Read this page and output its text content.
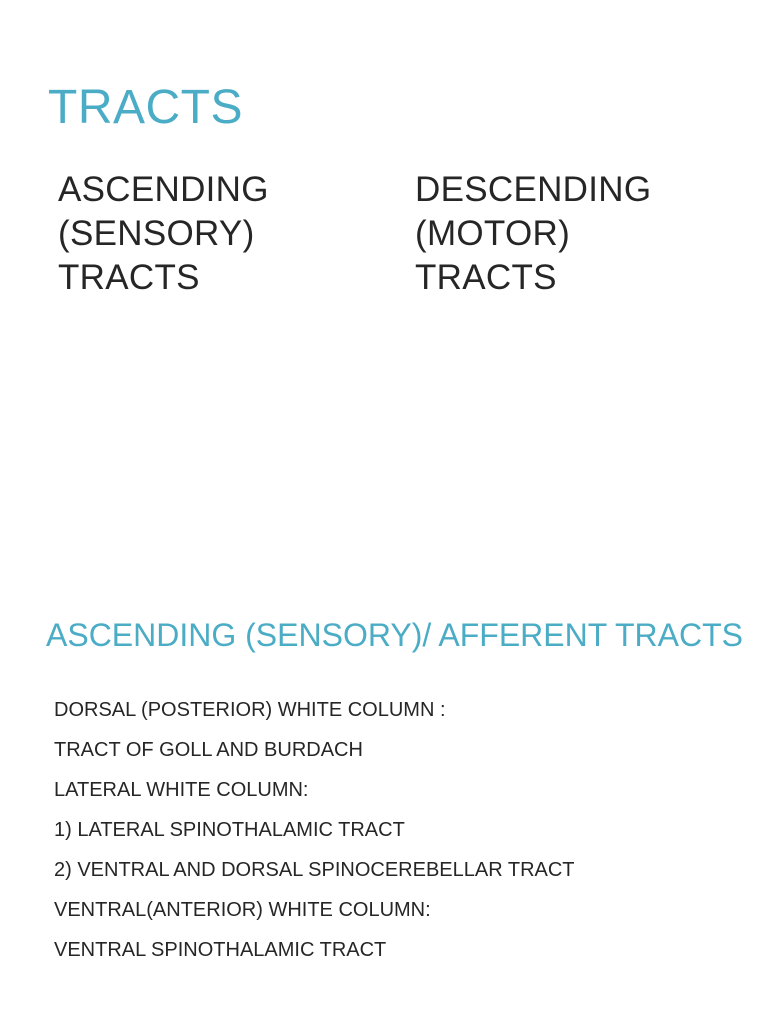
TRACTS
ASCENDING
(SENSORY)
TRACTS
DESCENDING
(MOTOR)
TRACTS
ASCENDING (SENSORY)/ AFFERENT TRACTS
DORSAL (POSTERIOR) WHITE COLUMN :
TRACT OF GOLL AND BURDACH
LATERAL WHITE COLUMN:
1) LATERAL SPINOTHALAMIC TRACT
2) VENTRAL AND DORSAL SPINOCEREBELLAR TRACT
VENTRAL(ANTERIOR) WHITE COLUMN:
VENTRAL SPINOTHALAMIC TRACT
